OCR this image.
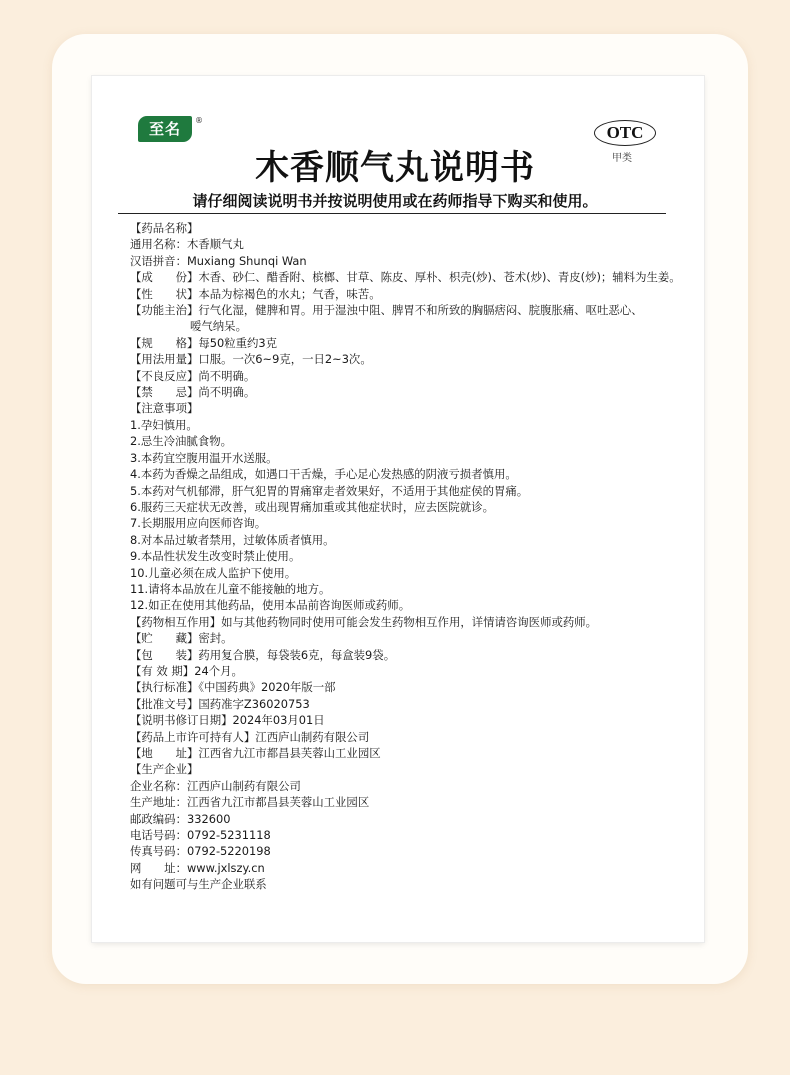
至名	®
OTC
甲类
木香顺气丸说明书
请仔细阅读说明书并按说明使用或在药师指导下购买和使用。
【药品名称】
通用名称：木香顺气丸
汉语拼音：Muxiang Shunqi Wan
【成　　份】木香、砂仁、醋香附、槟榔、甘草、陈皮、厚朴、枳壳(炒)、苍术(炒)、青皮(炒)；辅料为生姜。
【性　　状】本品为棕褐色的水丸；气香，味苦。
【功能主治】行气化湿，健脾和胃。用于湿浊中阻、脾胃不和所致的胸膈痞闷、脘腹胀痛、呕吐恶心、
嗳气纳呆。
【规　　格】每50粒重约3克
【用法用量】口服。一次6~9克，一日2~3次。
【不良反应】尚不明确。
【禁　　忌】尚不明确。
【注意事项】
1.孕妇慎用。
2.忌生冷油腻食物。
3.本药宜空腹用温开水送服。
4.本药为香燥之品组成，如遇口干舌燥，手心足心发热感的阴液亏损者慎用。
5.本药对气机郁滞，肝气犯胃的胃痛窜走者效果好，不适用于其他症侯的胃痛。
6.服药三天症状无改善，或出现胃痛加重或其他症状时，应去医院就诊。
7.长期服用应向医师咨询。
8.对本品过敏者禁用，过敏体质者慎用。
9.本品性状发生改变时禁止使用。
10.儿童必须在成人监护下使用。
11.请将本品放在儿童不能接触的地方。
12.如正在使用其他药品，使用本品前咨询医师或药师。
【药物相互作用】如与其他药物同时使用可能会发生药物相互作用，详情请咨询医师或药师。
【贮　　藏】密封。
【包　　装】药用复合膜，每袋装6克，每盒装9袋。
【有 效 期】24个月。
【执行标准】《中国药典》2020年版一部
【批准文号】国药准字Z36020753
【说明书修订日期】2024年03月01日
【药品上市许可持有人】江西庐山制药有限公司
【地　　址】江西省九江市都昌县芙蓉山工业园区
【生产企业】
企业名称：江西庐山制药有限公司
生产地址：江西省九江市都昌县芙蓉山工业园区
邮政编码：332600
电话号码：0792-5231118
传真号码：0792-5220198
网　　址：www.jxlszy.cn
如有问题可与生产企业联系
